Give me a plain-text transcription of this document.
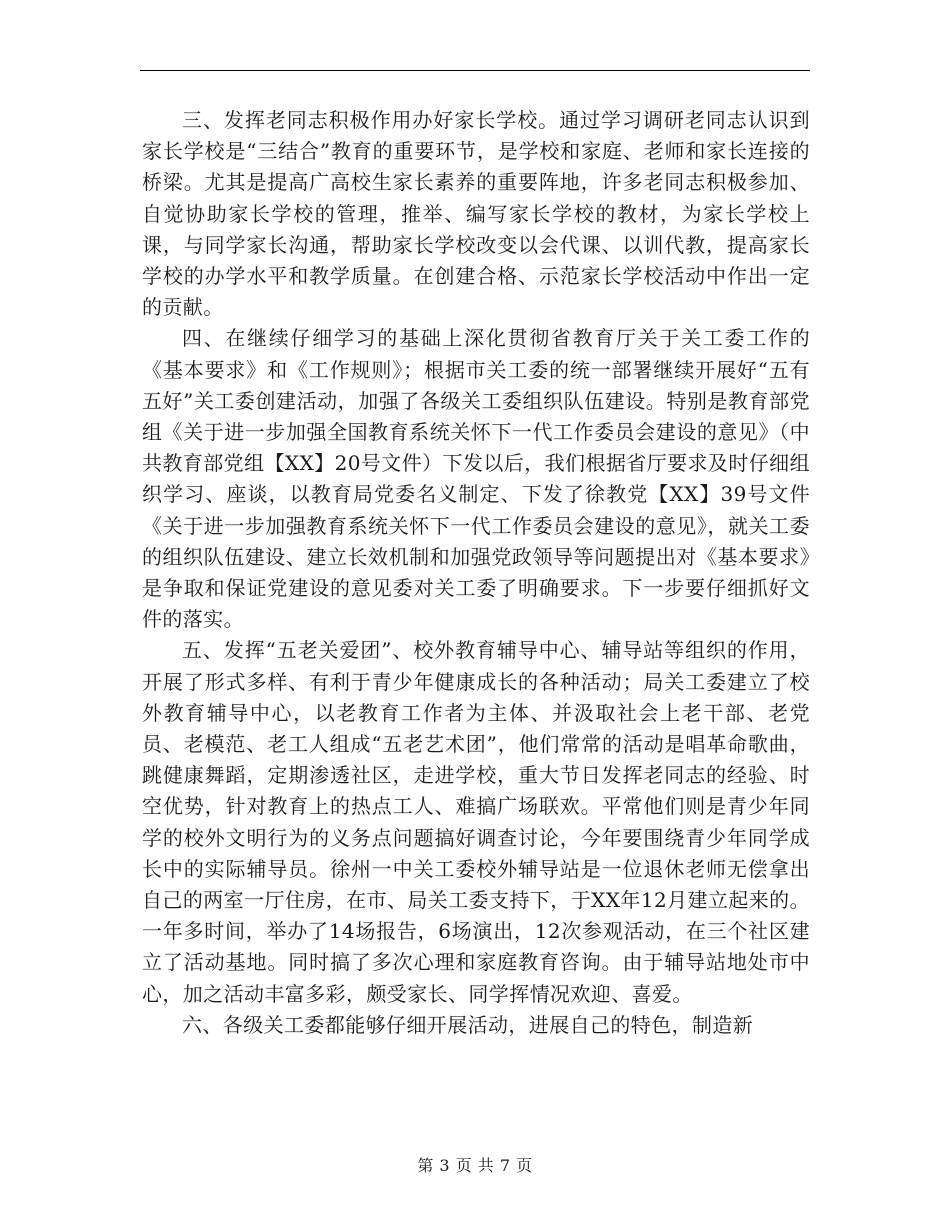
三、发挥老同志积极作用办好家长学校。通过学习调研老同志认识到家长学校是“三结合”教育的重要环节，是学校和家庭、老师和家长连接的桥梁。尤其是提高广高校生家长素养的重要阵地，许多老同志积极参加、自觉协助家长学校的管理，推举、编写家长学校的教材，为家长学校上课，与同学家长沟通，帮助家长学校改变以会代课、以训代教，提高家长学校的办学水平和教学质量。在创建合格、示范家长学校活动中作出一定的贡献。

四、在继续仔细学习的基础上深化贯彻省教育厅关于关工委工作的《基本要求》和《工作规则》；根据市关工委的统一部署继续开展好“五有五好”关工委创建活动，加强了各级关工委组织队伍建设。特别是教育部党组《关于进一步加强全国教育系统关怀下一代工作委员会建设的意见》（中共教育部党组【XX】20号文件）下发以后，我们根据省厅要求及时仔细组织学习、座谈，以教育局党委名义制定、下发了徐教党【XX】39号文件《关于进一步加强教育系统关怀下一代工作委员会建设的意见》，就关工委的组织队伍建设、建立长效机制和加强党政领导等问题提出对《基本要求》是争取和保证党建设的意见委对关工委了明确要求。下一步要仔细抓好文件的落实。

五、发挥“五老关爱团”、校外教育辅导中心、辅导站等组织的作用，开展了形式多样、有利于青少年健康成长的各种活动；局关工委建立了校外教育辅导中心，以老教育工作者为主体、并汲取社会上老干部、老党员、老模范、老工人组成“五老艺术团”，他们常常的活动是唱革命歌曲，跳健康舞蹈，定期渗透社区，走进学校，重大节日发挥老同志的经验、时空优势，针对教育上的热点工人、难搞广场联欢。平常他们则是青少年同学的校外文明行为的义务点问题搞好调查讨论，今年要围绕青少年同学成长中的实际辅导员。徐州一中关工委校外辅导站是一位退休老师无偿拿出自己的两室一厅住房，在市、局关工委支持下，于XX年12月建立起来的。一年多时间，举办了14场报告，6场演出，12次参观活动，在三个社区建立了活动基地。同时搞了多次心理和家庭教育咨询。由于辅导站地处市中心，加之活动丰富多彩，颇受家长、同学挥情况欢迎、喜爱。

六、各级关工委都能够仔细开展活动，进展自己的特色，制造新

第 3 页 共 7 页
